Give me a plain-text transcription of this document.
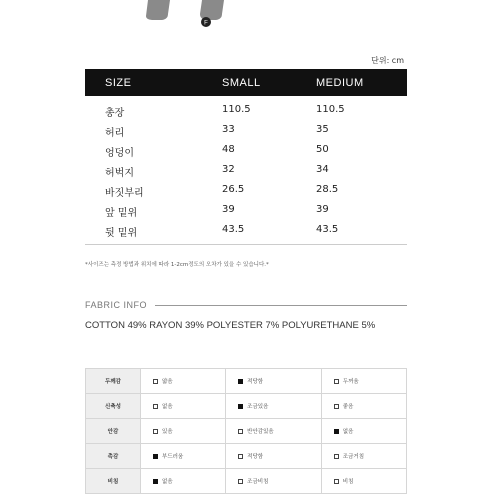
F
단위: cm
SIZE	SMALL	MEDIUM
총장	110.5	110.5
허리	33	35
엉덩이	48	50
허벅지	32	34
바짓부리	26.5	28.5
앞 밑위	39	39
뒷 밑위	43.5	43.5
*사이즈는 측정 방법과 위치에 따라 1-2cm정도의 오차가 있을 수 있습니다.*
FABRIC INFO
COTTON 49% RAYON 39% POLYESTER 7% POLYURETHANE 5%
두께감	얇음	적당함	두꺼움
신축성	없음	조금있음	좋음
안감	있음	반안감있음	없음
촉감	부드러움	적당함	조금거침
비침	없음	조금비침	비침
